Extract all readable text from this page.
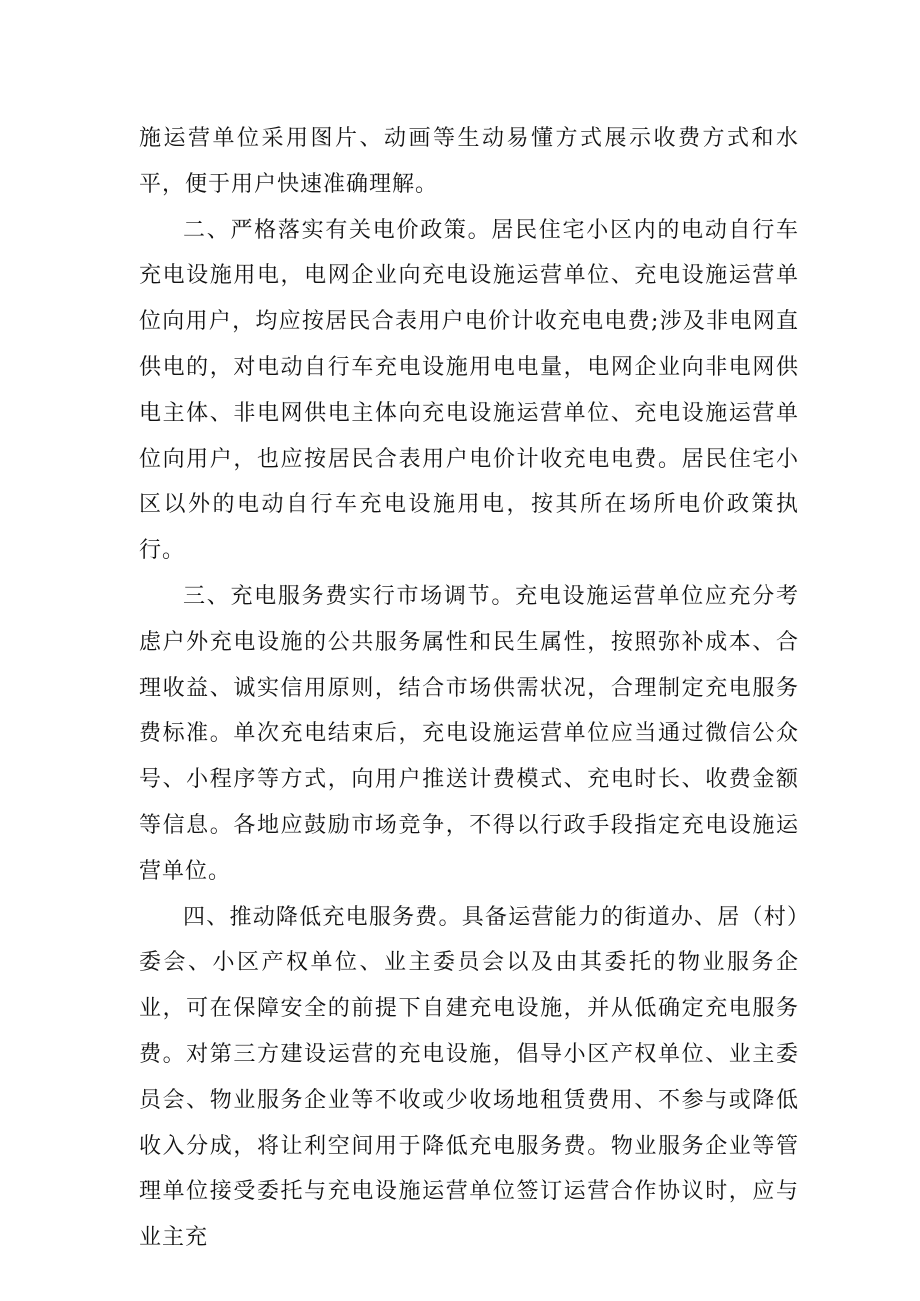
施运营单位采用图片、动画等生动易懂方式展示收费方式和水平，便于用户快速准确理解。

二、严格落实有关电价政策。居民住宅小区内的电动自行车充电设施用电，电网企业向充电设施运营单位、充电设施运营单位向用户，均应按居民合表用户电价计收充电电费;涉及非电网直供电的，对电动自行车充电设施用电电量，电网企业向非电网供电主体、非电网供电主体向充电设施运营单位、充电设施运营单位向用户，也应按居民合表用户电价计收充电电费。居民住宅小区以外的电动自行车充电设施用电，按其所在场所电价政策执行。

三、充电服务费实行市场调节。充电设施运营单位应充分考虑户外充电设施的公共服务属性和民生属性，按照弥补成本、合理收益、诚实信用原则，结合市场供需状况，合理制定充电服务费标准。单次充电结束后，充电设施运营单位应当通过微信公众号、小程序等方式，向用户推送计费模式、充电时长、收费金额等信息。各地应鼓励市场竞争，不得以行政手段指定充电设施运营单位。

四、推动降低充电服务费。具备运营能力的街道办、居（村）委会、小区产权单位、业主委员会以及由其委托的物业服务企业，可在保障安全的前提下自建充电设施，并从低确定充电服务费。对第三方建设运营的充电设施，倡导小区产权单位、业主委员会、物业服务企业等不收或少收场地租赁费用、不参与或降低收入分成，将让利空间用于降低充电服务费。物业服务企业等管理单位接受委托与充电设施运营单位签订运营合作协议时，应与业主充
